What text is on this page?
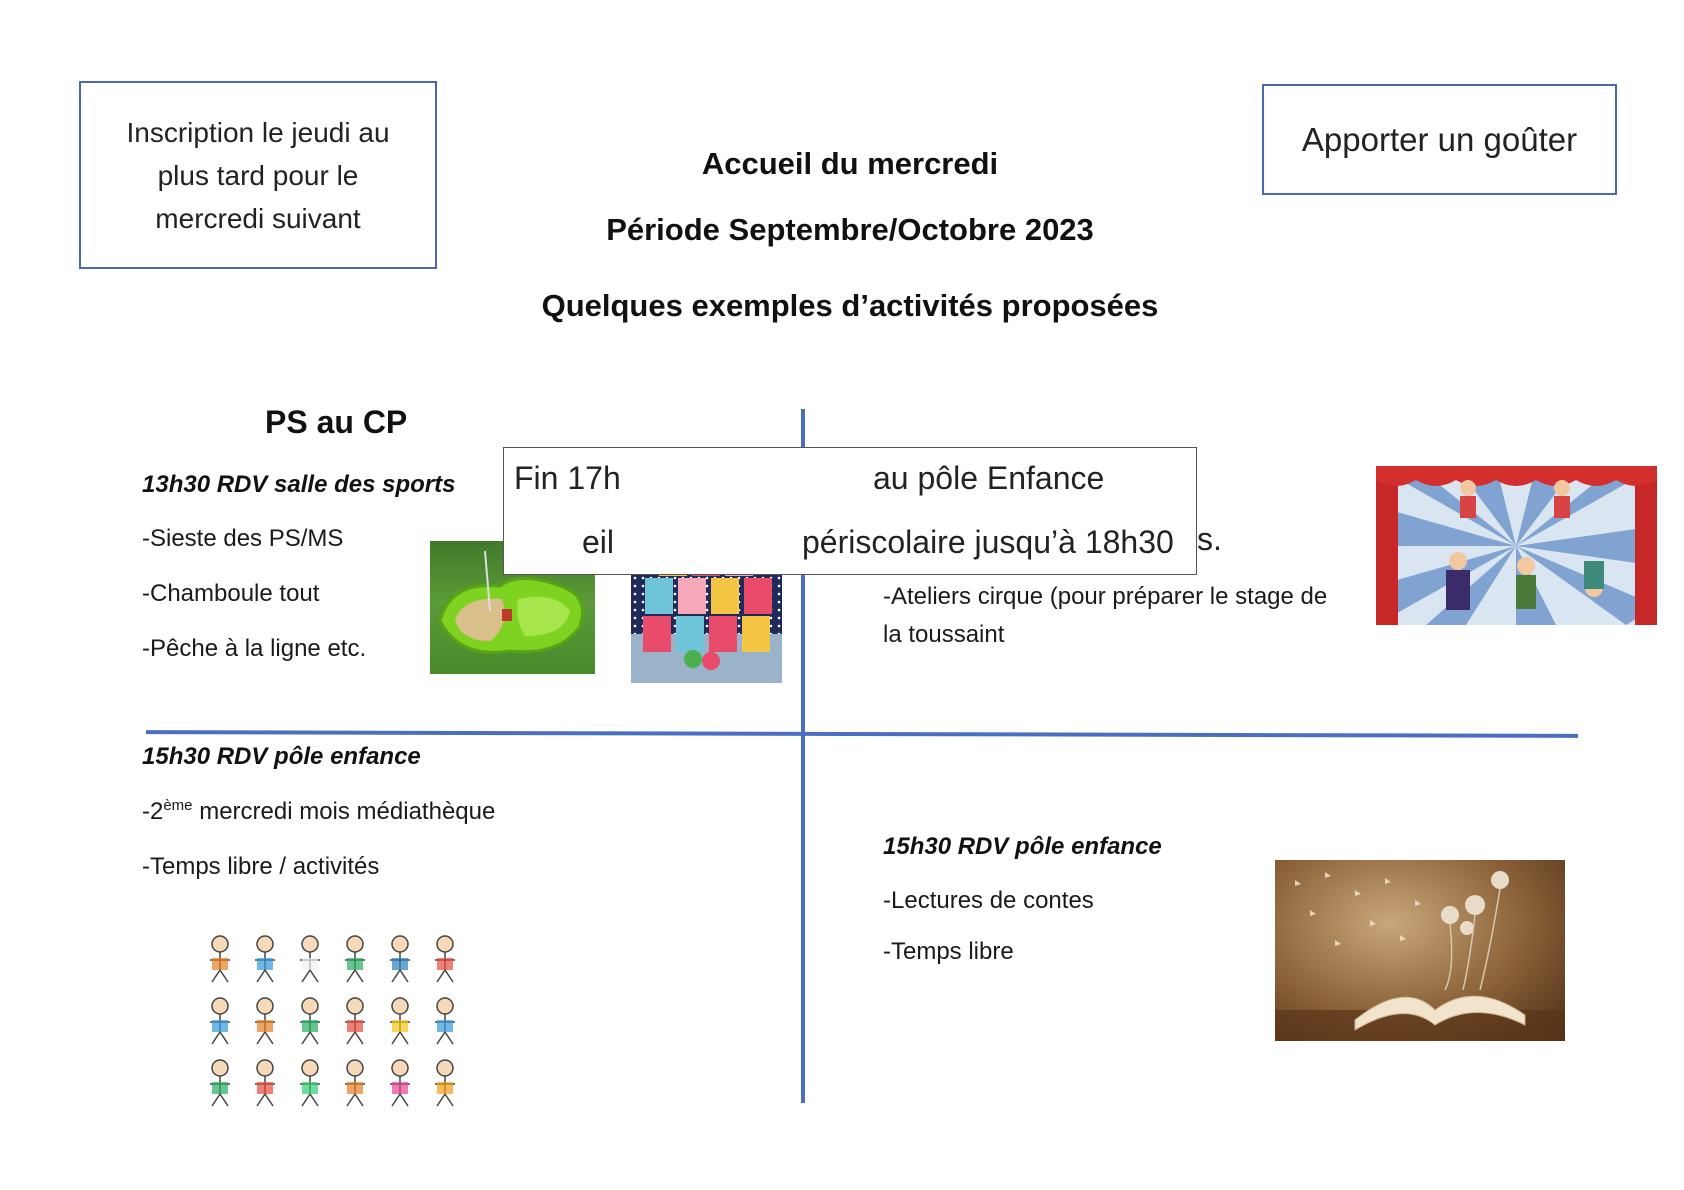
Inscription le jeudi au
plus tard pour le
mercredi suivant
Apporter un goûter
Accueil du mercredi
Période Septembre/Octobre 2023
Quelques exemples d’activités proposées
PS au CP
13h30 RDV salle des sports
-Sieste des PS/MS
-Chamboule tout
-Pêche à la ligne etc.
15h30 RDV pôle enfance
-2ème mercredi mois médiathèque
-Temps libre / activités
-Ateliers cirque (pour préparer le stage de
la toussaint
15h30 RDV pôle enfance
-Lectures de contes
-Temps libre
Fin 17h	au pôle Enfance
eil	périscolaire jusqu’à 18h30 s.
